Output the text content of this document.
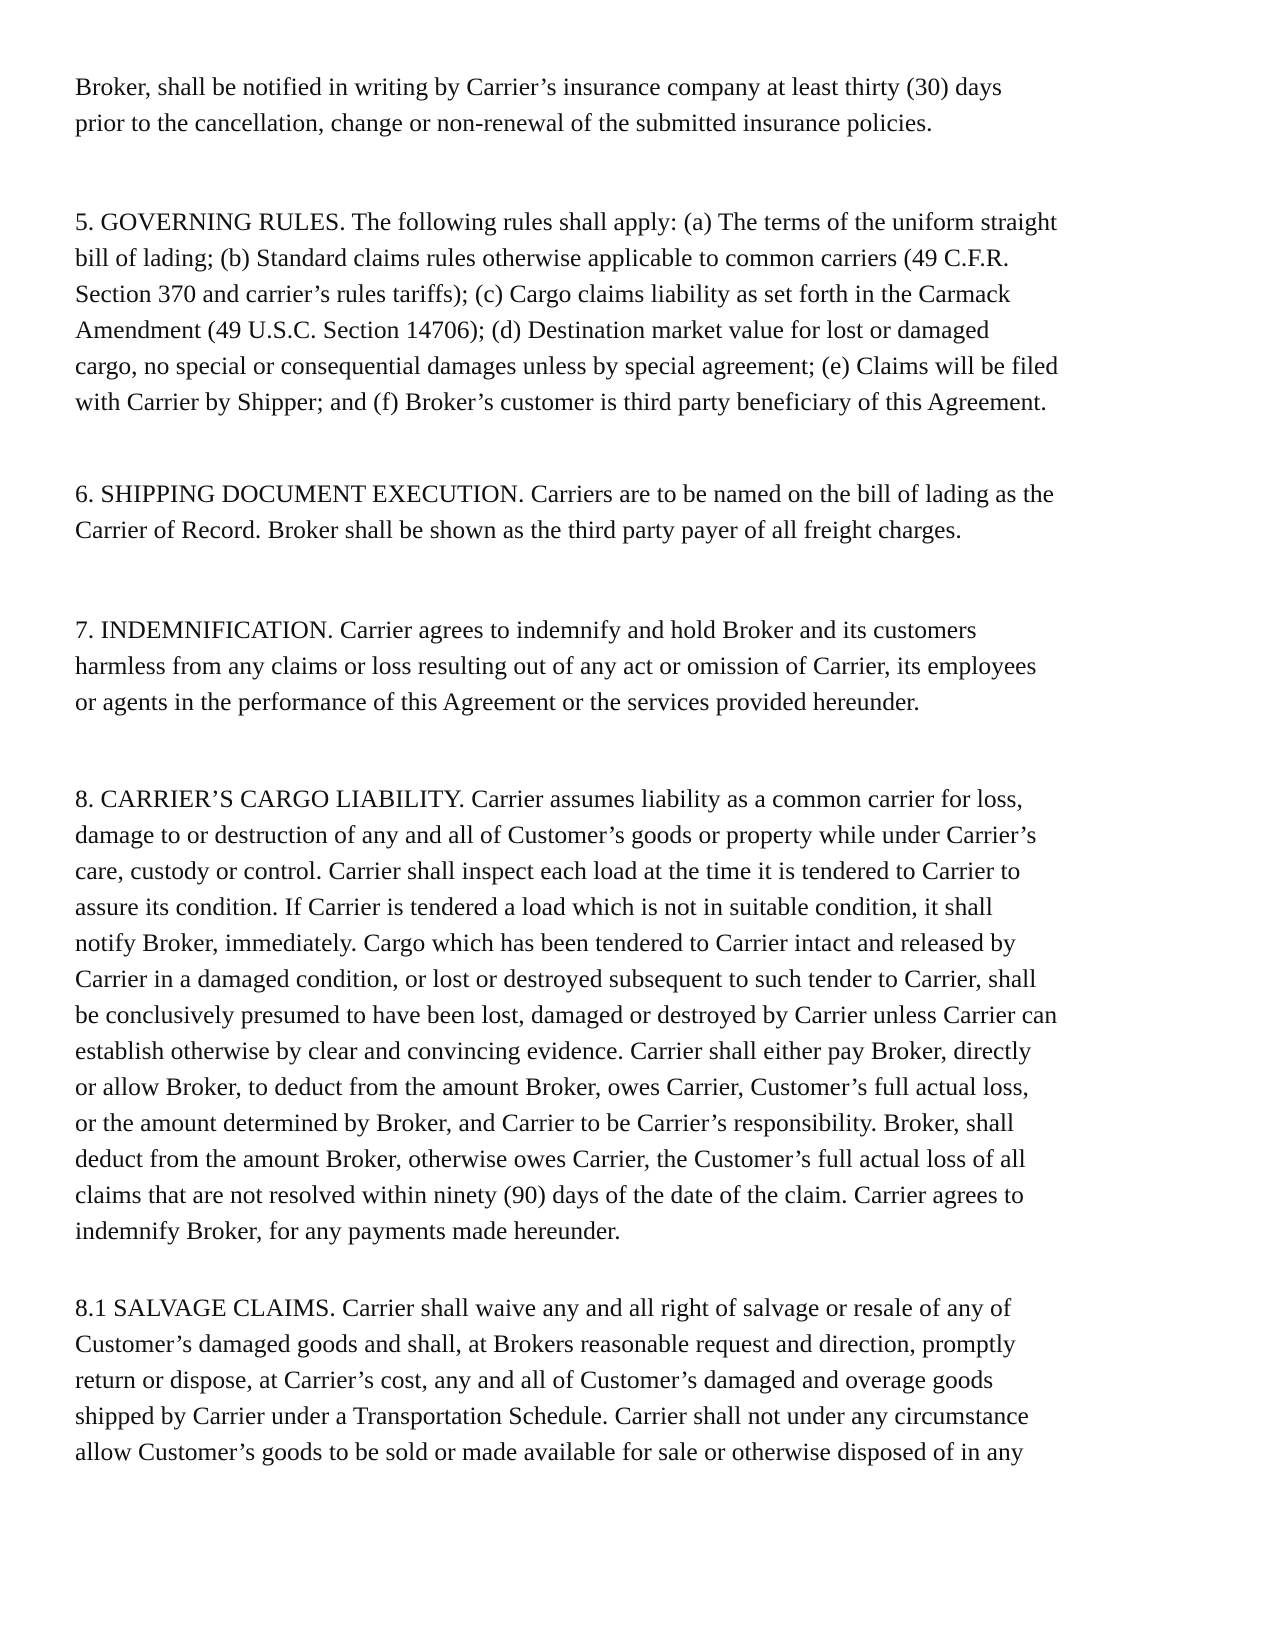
Broker, shall be notified in writing by Carrier’s insurance company at least thirty (30) days
prior to the cancellation, change or non-renewal of the submitted insurance policies.

5. GOVERNING RULES. The following rules shall apply: (a) The terms of the uniform straight
bill of lading; (b) Standard claims rules otherwise applicable to common carriers (49 C.F.R.
Section 370 and carrier’s rules tariffs); (c) Cargo claims liability as set forth in the Carmack
Amendment (49 U.S.C. Section 14706); (d) Destination market value for lost or damaged
cargo, no special or consequential damages unless by special agreement; (e) Claims will be filed
with Carrier by Shipper; and (f) Broker’s customer is third party beneficiary of this Agreement.

6. SHIPPING DOCUMENT EXECUTION. Carriers are to be named on the bill of lading as the
Carrier of Record. Broker shall be shown as the third party payer of all freight charges.

7. INDEMNIFICATION. Carrier agrees to indemnify and hold Broker and its customers
harmless from any claims or loss resulting out of any act or omission of Carrier, its employees
or agents in the performance of this Agreement or the services provided hereunder.

8. CARRIER’S CARGO LIABILITY. Carrier assumes liability as a common carrier for loss,
damage to or destruction of any and all of Customer’s goods or property while under Carrier’s
care, custody or control. Carrier shall inspect each load at the time it is tendered to Carrier to
assure its condition. If Carrier is tendered a load which is not in suitable condition, it shall
notify Broker, immediately. Cargo which has been tendered to Carrier intact and released by
Carrier in a damaged condition, or lost or destroyed subsequent to such tender to Carrier, shall
be conclusively presumed to have been lost, damaged or destroyed by Carrier unless Carrier can
establish otherwise by clear and convincing evidence. Carrier shall either pay Broker, directly
or allow Broker, to deduct from the amount Broker, owes Carrier, Customer’s full actual loss,
or the amount determined by Broker, and Carrier to be Carrier’s responsibility. Broker, shall
deduct from the amount Broker, otherwise owes Carrier, the Customer’s full actual loss of all
claims that are not resolved within ninety (90) days of the date of the claim. Carrier agrees to
indemnify Broker, for any payments made hereunder.

8.1 SALVAGE CLAIMS. Carrier shall waive any and all right of salvage or resale of any of
Customer’s damaged goods and shall, at Brokers reasonable request and direction, promptly
return or dispose, at Carrier’s cost, any and all of Customer’s damaged and overage goods
shipped by Carrier under a Transportation Schedule. Carrier shall not under any circumstance
allow Customer’s goods to be sold or made available for sale or otherwise disposed of in any
